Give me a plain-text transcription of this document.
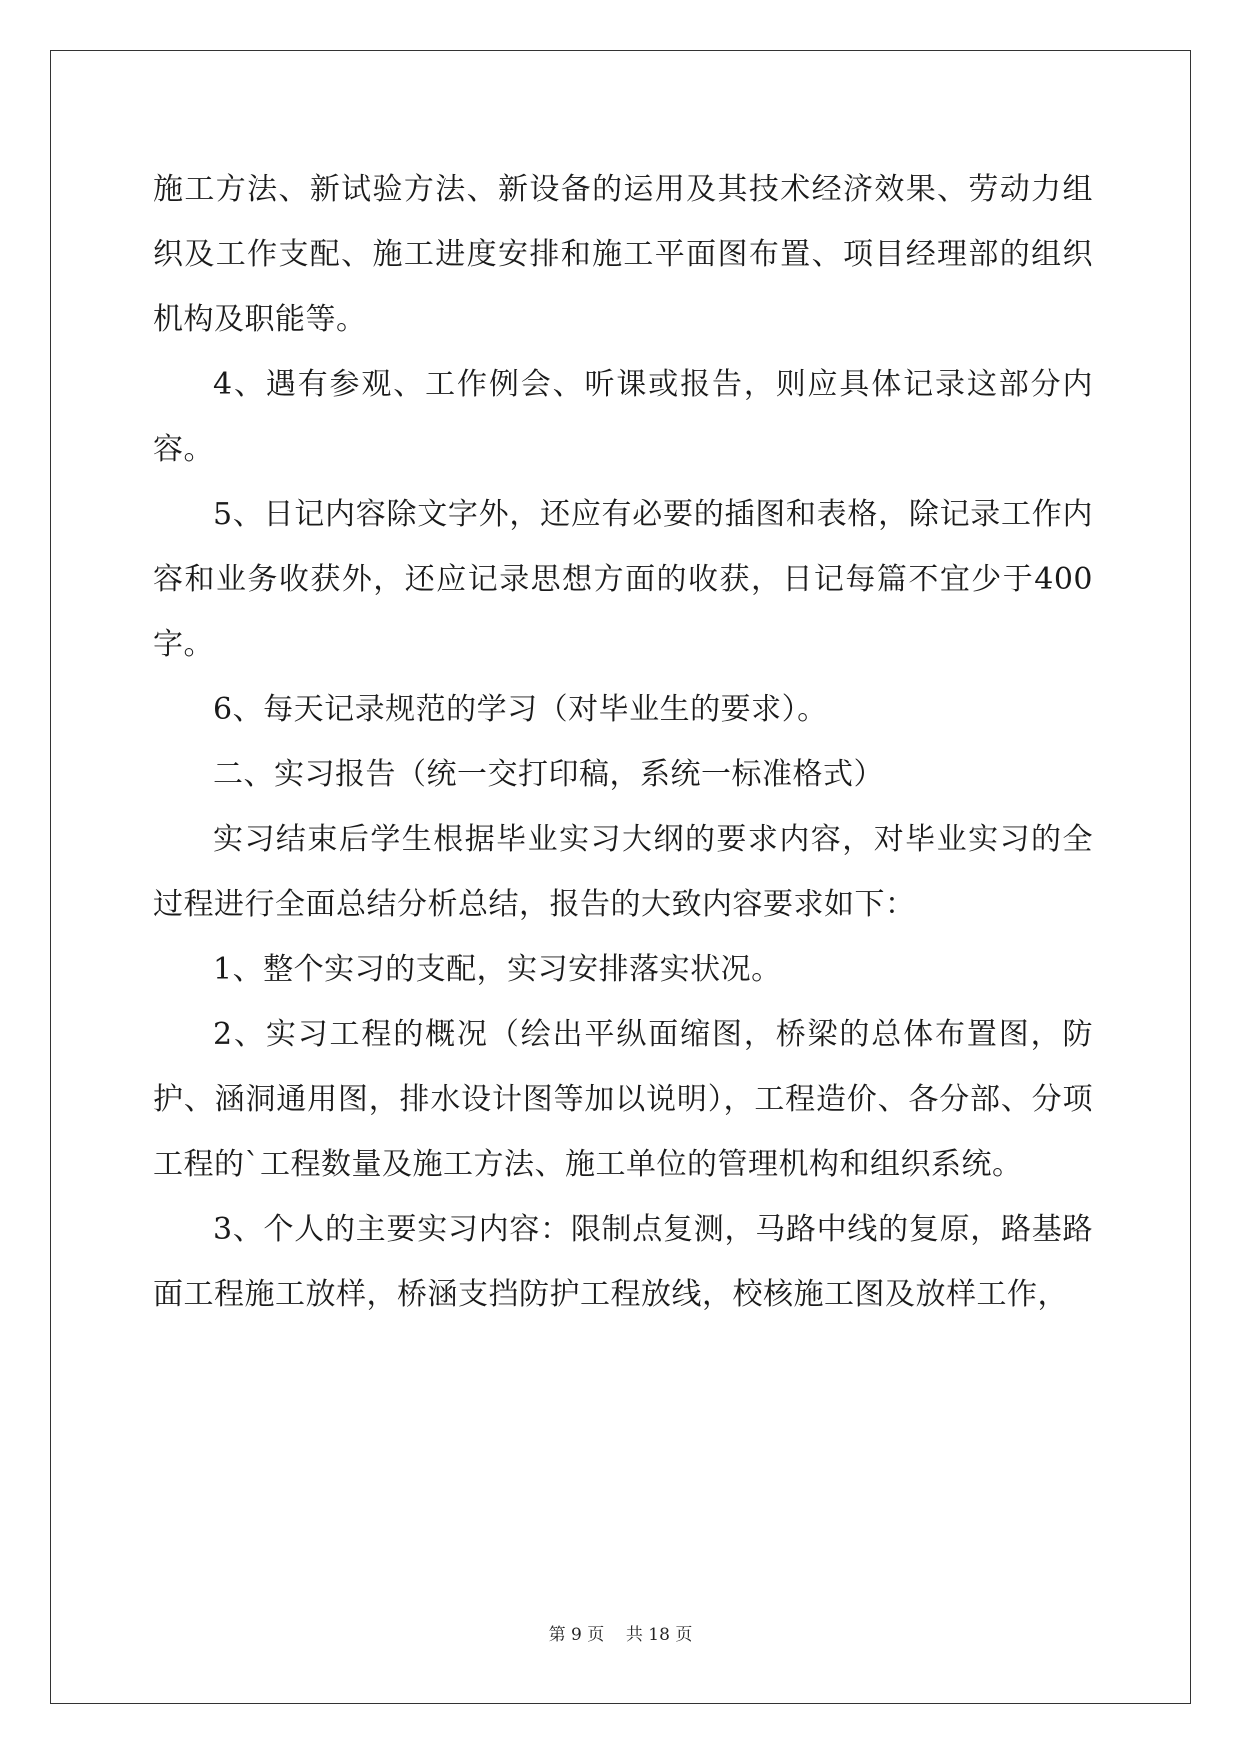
施工方法、新试验方法、新设备的运用及其技术经济效果、劳动力组织及工作支配、施工进度安排和施工平面图布置、项目经理部的组织机构及职能等。

4、遇有参观、工作例会、听课或报告，则应具体记录这部分内容。

5、日记内容除文字外，还应有必要的插图和表格，除记录工作内容和业务收获外，还应记录思想方面的收获，日记每篇不宜少于400字。

6、每天记录规范的学习（对毕业生的要求）。

二、实习报告（统一交打印稿，系统一标准格式）

实习结束后学生根据毕业实习大纲的要求内容，对毕业实习的全过程进行全面总结分析总结，报告的大致内容要求如下：

1、整个实习的支配，实习安排落实状况。

2、实习工程的概况（绘出平纵面缩图，桥梁的总体布置图，防护、涵洞通用图，排水设计图等加以说明），工程造价、各分部、分项工程的`工程数量及施工方法、施工单位的管理机构和组织系统。

3、个人的主要实习内容：限制点复测，马路中线的复原，路基路面工程施工放样，桥涵支挡防护工程放线，校核施工图及放样工作，

第 9 页    共 18 页
